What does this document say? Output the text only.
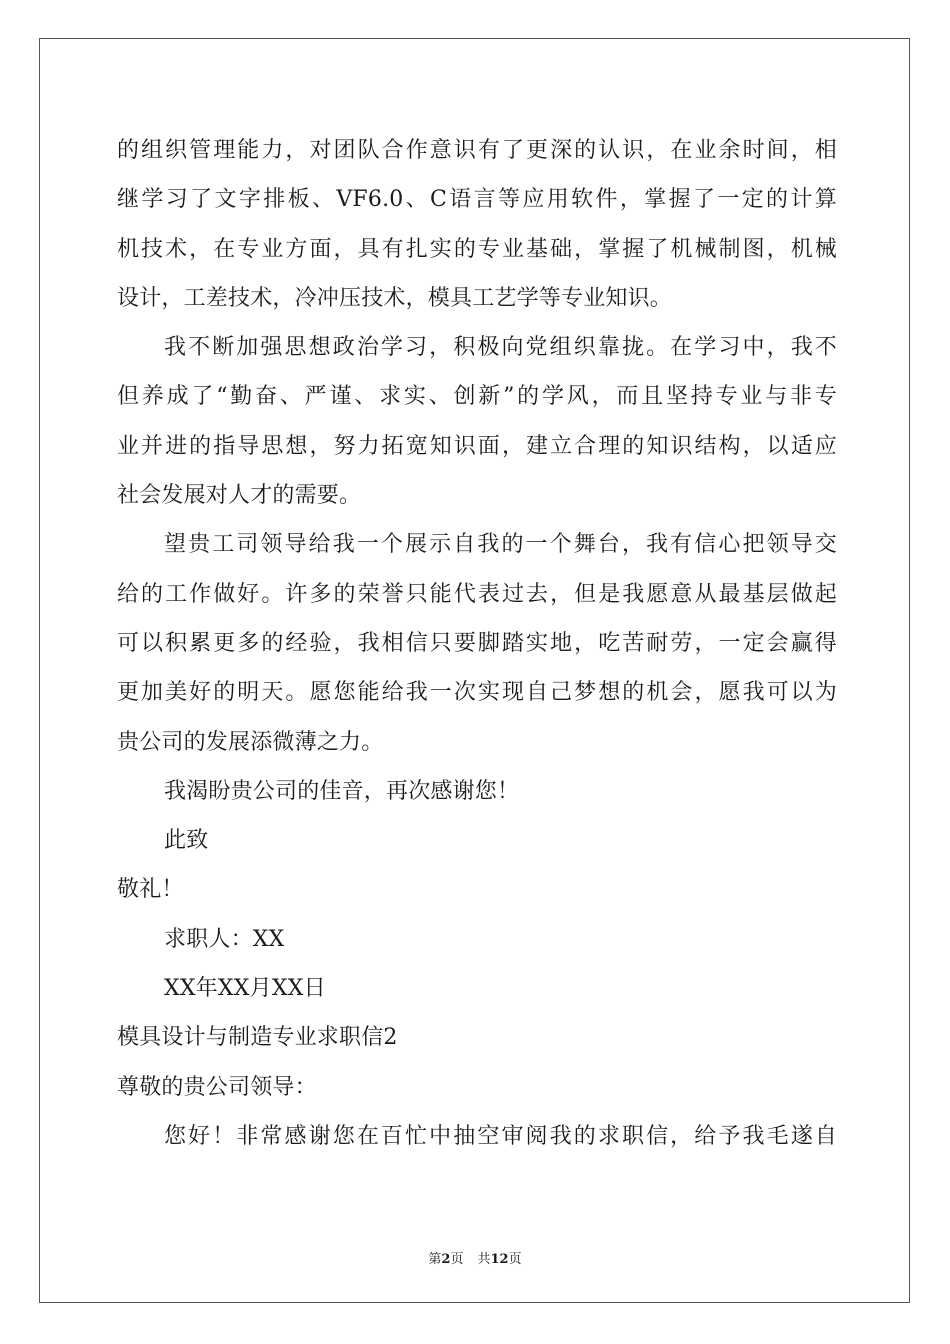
的组织管理能力，对团队合作意识有了更深的认识，在业余时间，相
继学习了文字排板、VF6.0、C语言等应用软件，掌握了一定的计算
机技术，在专业方面，具有扎实的专业基础，掌握了机械制图，机械
设计，工差技术，冷冲压技术，模具工艺学等专业知识。
我不断加强思想政治学习，积极向党组织靠拢。在学习中，我不
但养成了“勤奋、严谨、求实、创新”的学风，而且坚持专业与非专
业并进的指导思想，努力拓宽知识面，建立合理的知识结构，以适应
社会发展对人才的需要。
望贵工司领导给我一个展示自我的一个舞台，我有信心把领导交
给的工作做好。许多的荣誉只能代表过去，但是我愿意从最基层做起
可以积累更多的经验，我相信只要脚踏实地，吃苦耐劳，一定会赢得
更加美好的明天。愿您能给我一次实现自己梦想的机会，愿我可以为
贵公司的发展添微薄之力。
我渴盼贵公司的佳音，再次感谢您！
此致
敬礼！
求职人：XX
XX年XX月XX日
模具设计与制造专业求职信2
尊敬的贵公司领导：
您好！非常感谢您在百忙中抽空审阅我的求职信，给予我毛遂自
第2页 共12页
